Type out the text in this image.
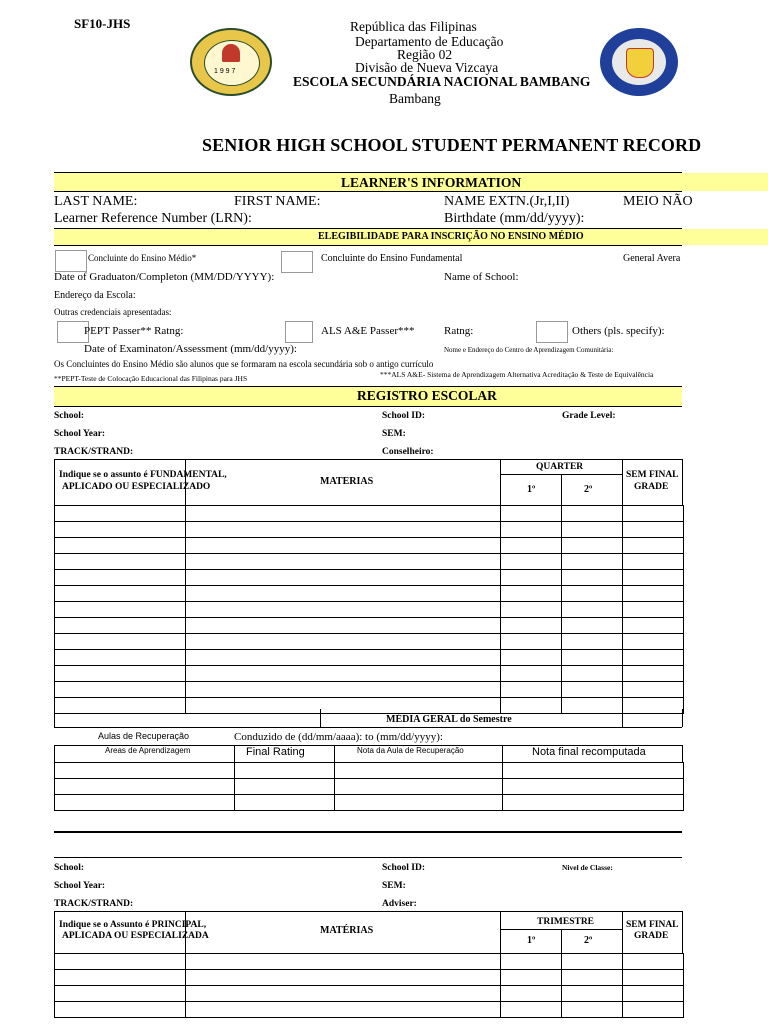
SF10-JHS
1 9 9 7
República das Filipinas
Departamento de Educação
Região 02
Divisão de Nueva Vizcaya
ESCOLA SECUNDÁRIA NACIONAL BAMBANG
Bambang
SENIOR HIGH SCHOOL STUDENT PERMANENT RECORD
LEARNER'S INFORMATION
LAST NAME:	FIRST NAME:	NAME EXTN.(Jr,I,II)	MEIO NÃO
Learner Reference Number (LRN):	Birthdate (mm/dd/yyyy):
ELEGIBILIDADE PARA INSCRIÇÃO NO ENSINO MÉDIO
Concluinte do Ensino Médio*	Concluinte do Ensino Fundamental	General Avera
Date of Graduaton/Completon (MM/DD/YYYY):	Name of School:
Endereço da Escola:
Outras credenciais apresentadas:
PEPT Passer** Ratng:	ALS A&E Passer***	Ratng:	Others (pls. specify):
Date of Examinaton/Assessment (mm/dd/yyyy):	Nome e Endereço do Centro de Aprendizagem Comunitária:
Os Concluintes do Ensino Médio são alunos que se formaram na escola secundária sob o antigo currículo
**PEPT-Teste de Colocação Educacional das Filipinas para JHS	***ALS A&E- Sistema de Aprendizagem Alternativa Acreditação & Teste de Equivalência
REGISTRO ESCOLAR
School:	School ID:	Grade Level:
School Year:	SEM:
TRACK/STRAND:	Conselheiro:
Indique se o assunto é FUNDAMENTAL,
APLICADO OU ESPECIALIZADO	MATERIAS
QUARTER
1º	2º
SEM FINAL
GRADE

MÉDIA GERAL do Semestre
Aulas de Recuperação	Conduzido de (dd/mm/aaaa): to (mm/dd/yyyy):
Areas de Aprendizagem	Final Rating	Nota da Aula de Recuperação	Nota final recomputada

School:	School ID:	Nivel de Classe:
School Year:	SEM:
TRACK/STRAND:	Adviser:
Indique se o Assunto é PRINCIPAL,
APLICADA OU ESPECIALIZADA	MATÉRIAS
TRIMESTRE
1º	2º
SEM FINAL
GRADE
